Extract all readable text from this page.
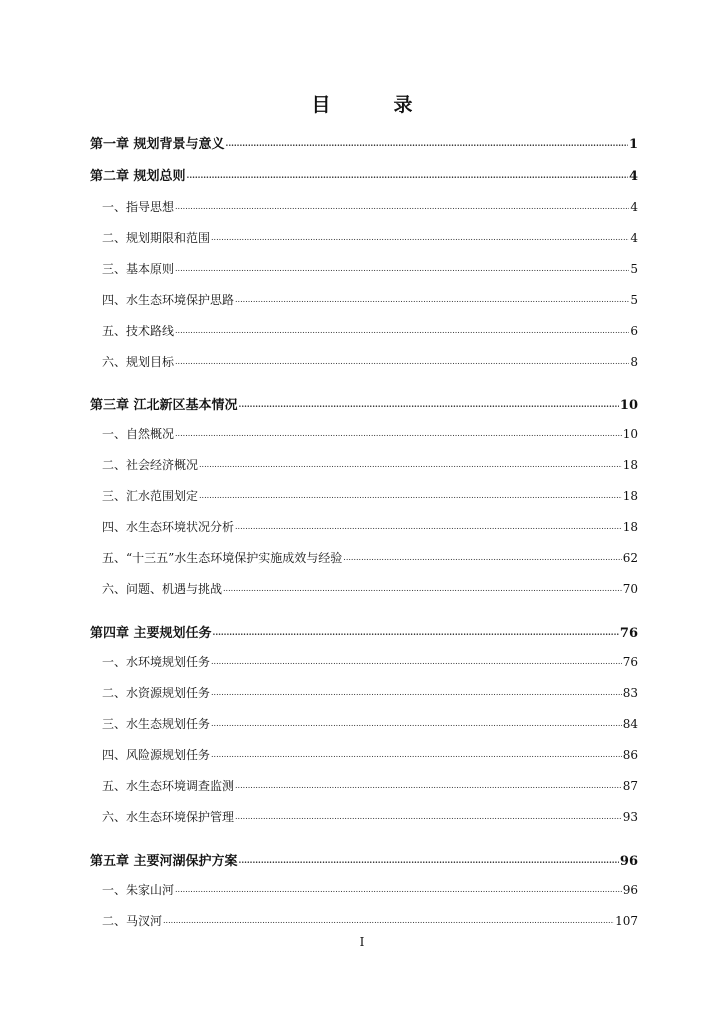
目　录
第一章 规划背景与意义 .....	1
第二章 规划总则 .....	4
一、指导思想 .....	4
二、规划期限和范围 .....	4
三、基本原则 .....	5
四、水生态环境保护思路 .....	5
五、技术路线 .....	6
六、规划目标 .....	8
第三章 江北新区基本情况 .....	10
一、自然概况 .....	10
二、社会经济概况 .....	18
三、汇水范围划定 .....	18
四、水生态环境状况分析 .....	18
五、“十三五”水生态环境保护实施成效与经验 .....	62
六、问题、机遇与挑战 .....	70
第四章 主要规划任务 .....	76
一、水环境规划任务 .....	76
二、水资源规划任务 .....	83
三、水生态规划任务 .....	84
四、风险源规划任务 .....	86
五、水生态环境调查监测 .....	87
六、水生态环境保护管理 .....	93
第五章 主要河湖保护方案 .....	96
一、朱家山河 .....	96
二、马汊河 .....	107
I
